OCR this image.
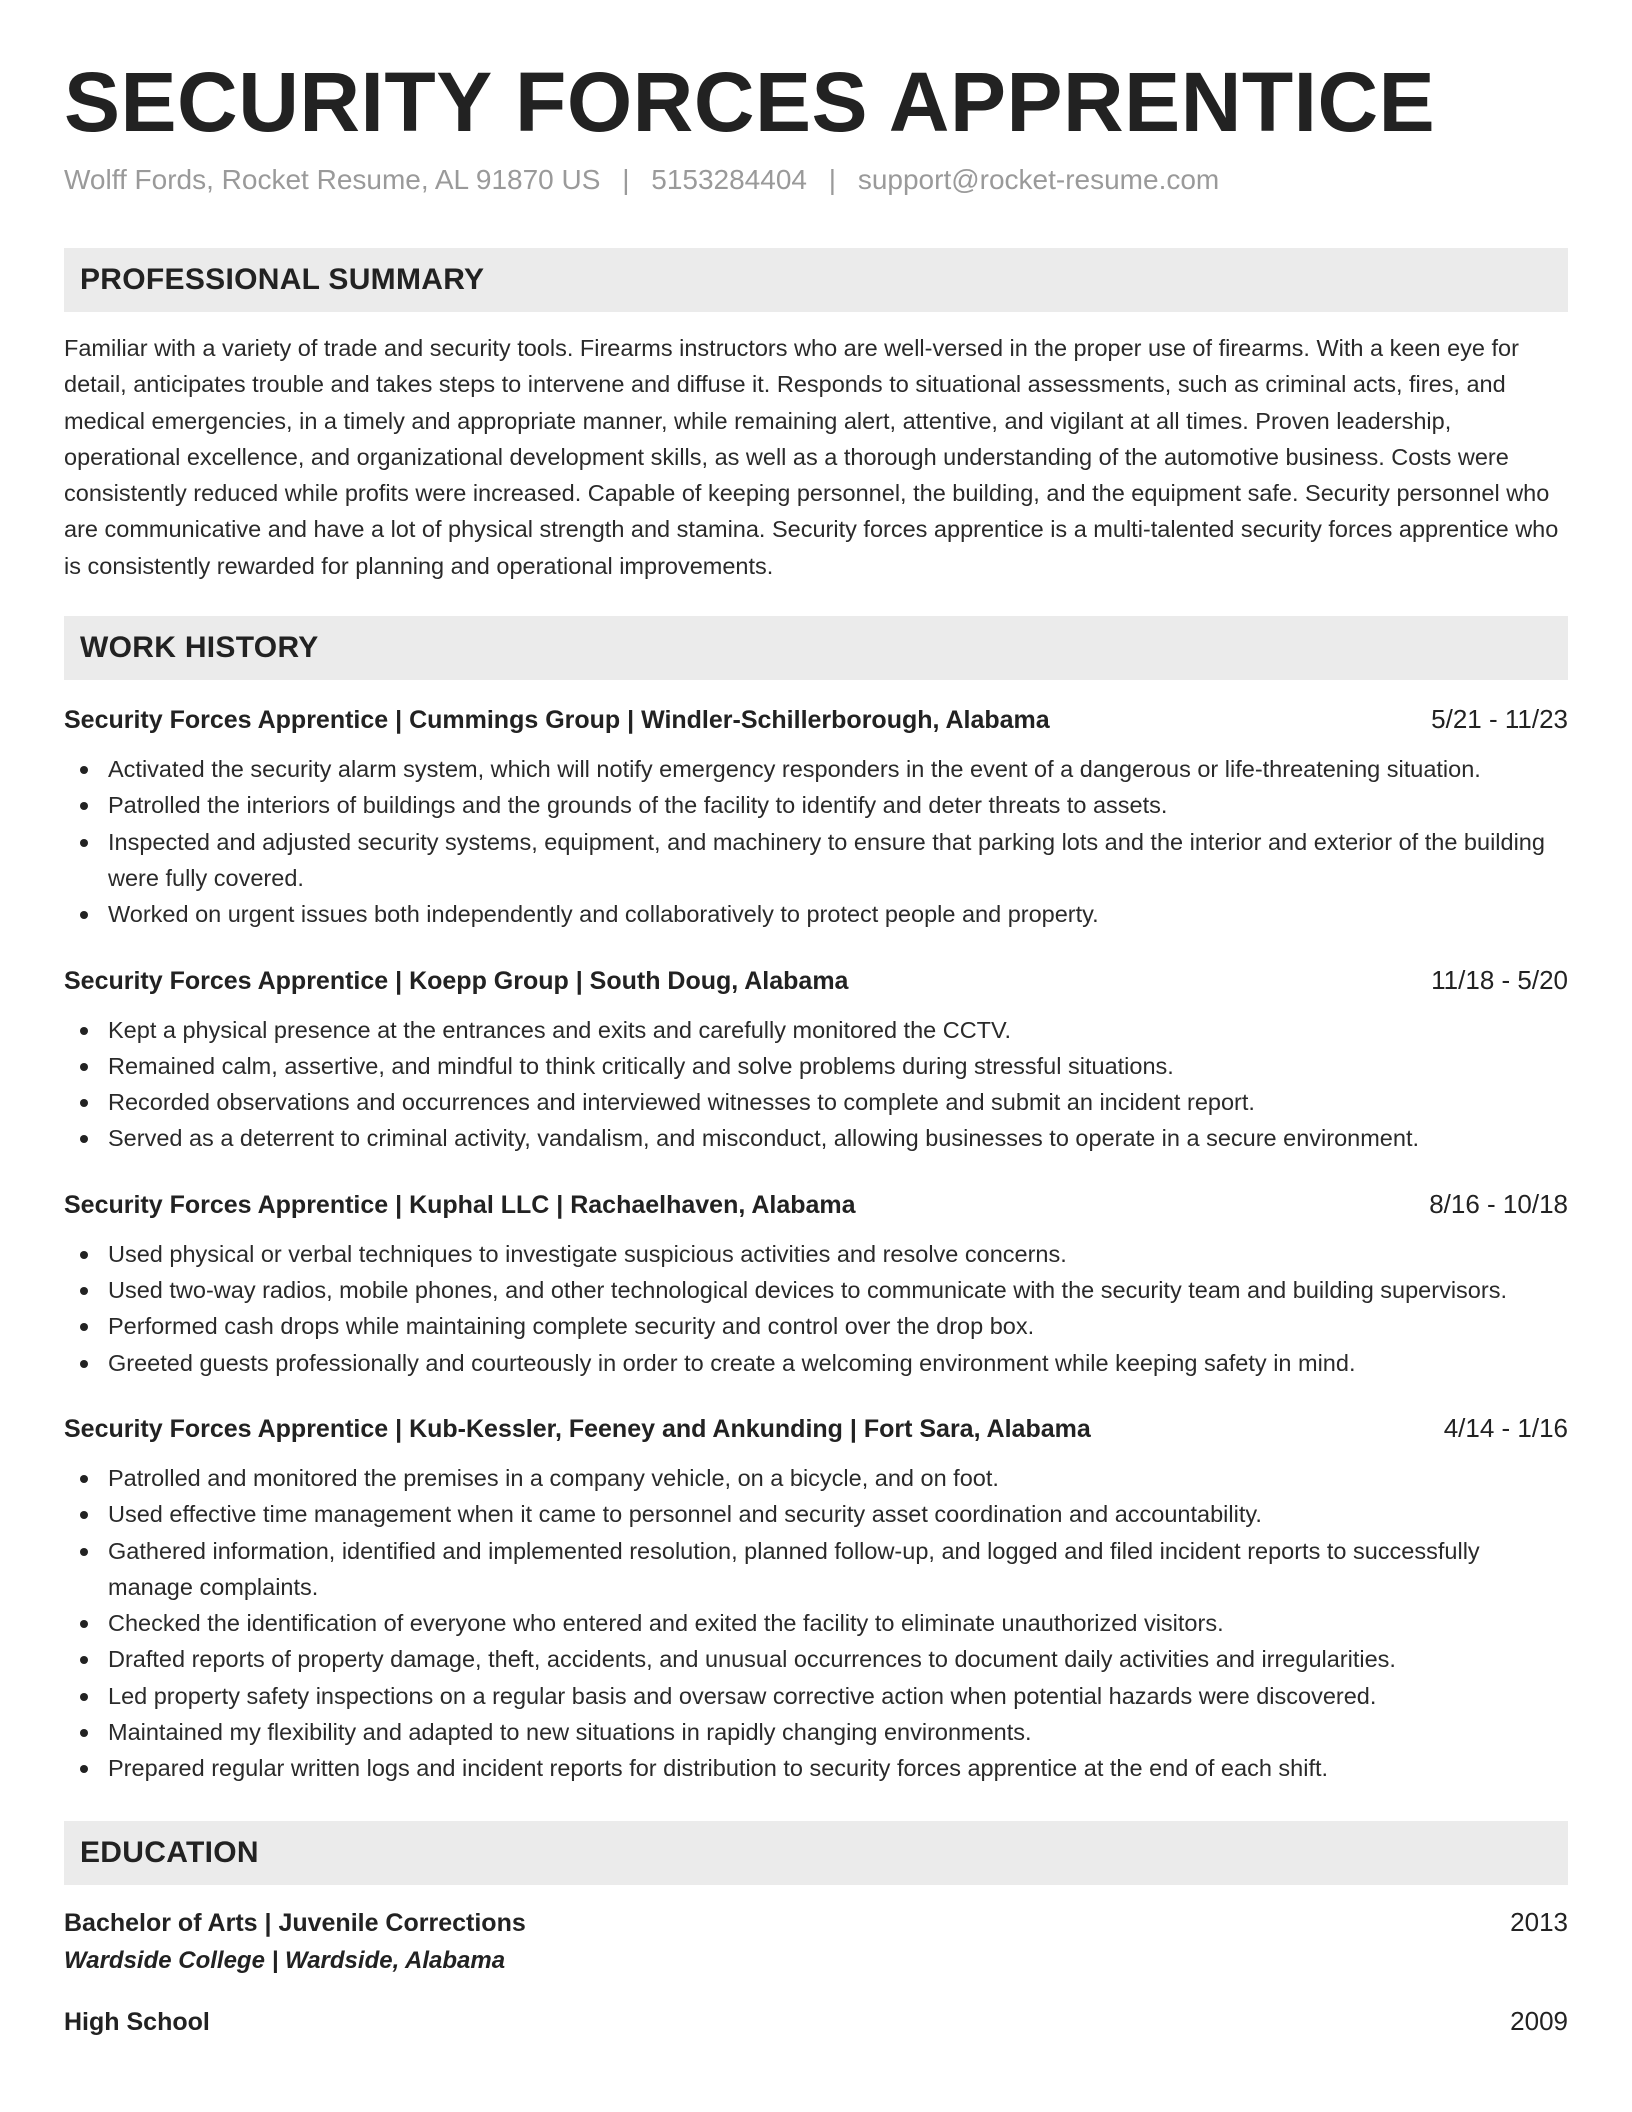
SECURITY FORCES APPRENTICE
Wolff Fords, Rocket Resume, AL 91870 US | 5153284404 | support@rocket-resume.com
PROFESSIONAL SUMMARY

Familiar with a variety of trade and security tools. Firearms instructors who are well-versed in the proper use of firearms. With a keen eye for detail, anticipates trouble and takes steps to intervene and diffuse it. Responds to situational assessments, such as criminal acts, fires, and medical emergencies, in a timely and appropriate manner, while remaining alert, attentive, and vigilant at all times. Proven leadership, operational excellence, and organizational development skills, as well as a thorough understanding of the automotive business. Costs were consistently reduced while profits were increased. Capable of keeping personnel, the building, and the equipment safe. Security personnel who are communicative and have a lot of physical strength and stamina. Security forces apprentice is a multi-talented security forces apprentice who is consistently rewarded for planning and operational improvements.

WORK HISTORY
Security Forces Apprentice | Cummings Group | Windler-Schillerborough, Alabama	5/21 - 11/23
Activated the security alarm system, which will notify emergency responders in the event of a dangerous or life-threatening situation.
Patrolled the interiors of buildings and the grounds of the facility to identify and deter threats to assets.
Inspected and adjusted security systems, equipment, and machinery to ensure that parking lots and the interior and exterior of the building were fully covered.
Worked on urgent issues both independently and collaboratively to protect people and property.
Security Forces Apprentice | Koepp Group | South Doug, Alabama	11/18 - 5/20
Kept a physical presence at the entrances and exits and carefully monitored the CCTV.
Remained calm, assertive, and mindful to think critically and solve problems during stressful situations.
Recorded observations and occurrences and interviewed witnesses to complete and submit an incident report.
Served as a deterrent to criminal activity, vandalism, and misconduct, allowing businesses to operate in a secure environment.
Security Forces Apprentice | Kuphal LLC | Rachaelhaven, Alabama	8/16 - 10/18
Used physical or verbal techniques to investigate suspicious activities and resolve concerns.
Used two-way radios, mobile phones, and other technological devices to communicate with the security team and building supervisors.
Performed cash drops while maintaining complete security and control over the drop box.
Greeted guests professionally and courteously in order to create a welcoming environment while keeping safety in mind.
Security Forces Apprentice | Kub-Kessler, Feeney and Ankunding | Fort Sara, Alabama	4/14 - 1/16
Patrolled and monitored the premises in a company vehicle, on a bicycle, and on foot.
Used effective time management when it came to personnel and security asset coordination and accountability.
Gathered information, identified and implemented resolution, planned follow-up, and logged and filed incident reports to successfully manage complaints.
Checked the identification of everyone who entered and exited the facility to eliminate unauthorized visitors.
Drafted reports of property damage, theft, accidents, and unusual occurrences to document daily activities and irregularities.
Led property safety inspections on a regular basis and oversaw corrective action when potential hazards were discovered.
Maintained my flexibility and adapted to new situations in rapidly changing environments.
Prepared regular written logs and incident reports for distribution to security forces apprentice at the end of each shift.
EDUCATION
Bachelor of Arts | Juvenile Corrections	2013
Wardside College | Wardside, Alabama
High School	2009
